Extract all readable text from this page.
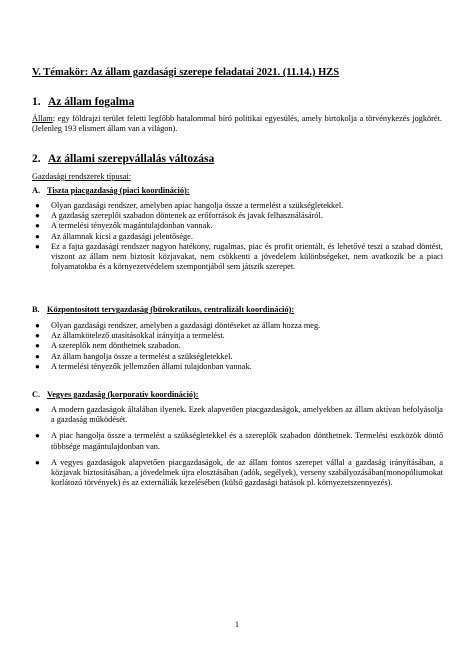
V. Témakör: Az állam gazdasági szerepe feladatai 2021. (11.14.) HZS
1. Az állam fogalma
Állam: egy földrajzi terület feletti legfőbb hatalommal bíró politikai egyesülés, amely birtokolja a törvénykezés jogkörét. (Jelenleg 193 elismert állam van a világon).
2. Az állami szerepvállalás változása
Gazdasági rendszerek típusai:
A. Tiszta piacgazdaság (piaci koordináció):
● Olyan gazdasági rendszer, amelyben apiac hangolja össze a termelést a szükségletekkel.
● A gazdaság szereplői szabadon döntenek az erőforrások és javak felhasználásáról.
● A termelési tényezők magántulajdonban vannak.
● Az államnak kicsi a gazdasági jelentősége.
● Ez a fajta gazdasági rendszer nagyon hatékony, rugalmas, piac és profit orientált, és lehetővé teszi a szabad döntést, viszont az állam nem biztosít közjavakat, nem csökkenti a jövedelem különbségeket, nem avatkozik be a piaci folyamatokba és a környezetvédelem szempontjából sem játszik szerepet.
B. Központosított tervgazdaság (bürokratikus, centralizált koordináció):
● Olyan gazdasági rendszer, amelyben a gazdasági döntéseket az állam hozza meg.
● Az államkötelező utasításokkal irányítja a termelést.
● A szereplők nem dönthetnek szabadon.
● Az állam hangolja össze a termelést a szükségletekkel.
● A termelési tényezők jellemzően állami tulajdonban vannak.
C. Vegyes gazdaság (korporatív koordináció):
● A modern gazdaságok általában ilyenek. Ezek alapvetően piacgazdaságok, amelyekben az állam aktívan befolyásolja a gazdaság működését.
● A piac hangolja össze a termelést a szükségletekkel és a szereplők szabadon dönthetnek. Termelési eszközök döntő többsége magántulajdonban van.
● A vegyes gazdaságok alapvetően piacgazdaságok, de az állam fontos szerepet vállal a gazdaság irányításában, a közjavak biztosításában, a jövedelmek újra elosztásában (adók, segélyek), verseny szabályozásában(monopóliumokat korlátozó törvények) és az externáliák kezelésében (külső gazdasági hatások pl. környezetszennyezés).
1
